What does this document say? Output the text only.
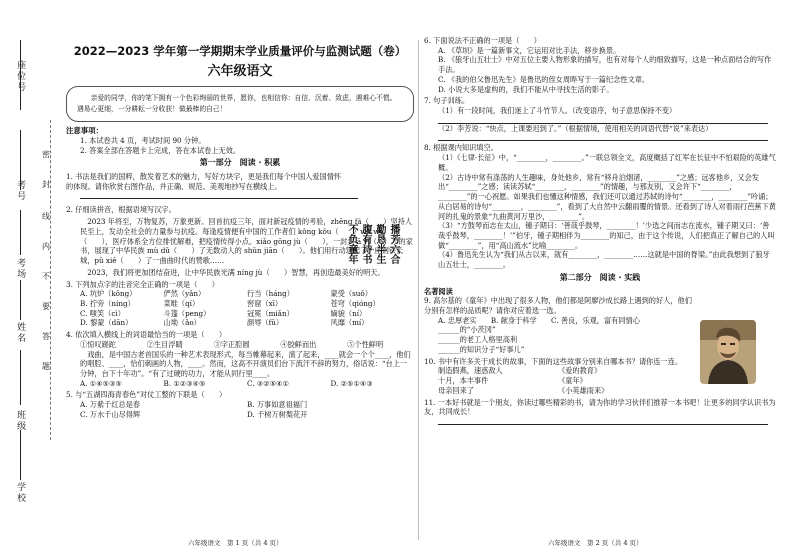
座位号
考号
考场
姓名
班级
学校
密
封
线
内
不
要
答
题
2022—2023 学年第一学期期末学业质量评价与监测试题（卷）
六年级语文
亲爱的同学，你的笔下拥有一个色彩绚丽的世界，愿你，也相信你：自信、沉着、致虑，遇难心不慌。遇易心更细，一分耕耘一分收获！做最棒的自己！
注意事项：
1. 本试卷共 4 页，考试时间 90 分钟。
2. 答案全部在答题卡上完成，答在本试卷上无效。
第一部分　阅读 · 积累
1. 书法是我们的国粹，散发着艺术的魅力，写好方块字，更是我们每个中国人爱国情怀的体现。请你欣赏右图作品，并正确、规范、美观地抄写在横线上。
2. 仔细读拼音，根据语境写汉字。
2023 年将至，万物复苏，万象更新。回首抗疫三年，面对新冠疫情的考验，zhēng fá（　　）坚持人民至上，发动全社会的力量参与抗疫。每逢疫情便有中国的工作者们 kǒng kǒu（　　）wú wǔ（　　），医疗体系全方位排忧解难，把疫情传得小点。xiǎo gōng jù（　　），一封封 ā yí（　　）的家书，展现了中华民族 mù dǔ（　　）了无数动人的 shǔn jiān（　　）。他们用行动筑起了一座钢铁长城，pǔ xiě（　　）了一曲曲时代的赞歌……
2023，我们将更加团结奋进，让中华民族光满 níng jù（　　）智慧，再创造最美好的明天。
3. 下列加点字的注音完全正确的一项是（　　）
A. 坑炉（kōng）	俨然（yǎn）	行当（háng）	蒙受（suǒ）
B. 拧旁（níng）	菜畦（qí）	窖窟（xī）	苍穹（qióng）
C. 嗤笑（cì）	斗篷（peng）	冠冕（miǎn）	嫡貌（ní）
D. 黎蒙（dān）	山坳（ǎo）	颜辱（fǔ）	风靡（mí）
4. 依次填入横线上的词语最恰当的一项是（　　）
①惊叹蹉跎	②生目浮睛	③字正腔圆	④胶鲜而出	⑤个性鲜明
戏曲，是中国古老首国乐的一种艺术表现形式，每当帷幕起来，演了起来，____就会一个个____，他们的唱腔、____，恰们刺画的人物，____。然而，这高不开演员们台下流汗不辞的努力，俗话说：“台上一分钟，台下十年功”。“有了过硬的功力，才能从同行里____。
A. ①④⑤③⑤	B. ①②③④⑤	C. ③②⑤④①	D. ②⑤①④③
5. 与“五湖四海青春色”对仗工整的下联是（　　）
A. 万紫千红总是春	B. 万事如意祖福门
C. 万水千山尽得辉	D. 千树万树梨花开
不负童年 腹有诗书 勤恳半生 播芳六合
6. 下面说法不正确的一项是（　　）
A. 《草坝》是一篇新事文，它运用对比手法，移步换景。
B. 《狼牙山五壮士》中对五位主要人物形象的描写，也有对每个人的细致描写，这是一种点面结合的写作手法。
C. 《我的伯父鲁迅先生》是鲁迅的侄女周晔写于一篇纪念性文章。
D. 小说大多是虚构的，我们不能从中寻找生活的影子。
7. 句子训练。
（1）有一段时间，我们迷上了斗竹节人。（改变语序，句子意思保持不变）
（2）李芳说：“快点，上课要迟到了。”（根据情境，使用相关的词语代替“说”来表达）
8. 根据课内知识填空。
（1）《七律·长征》中，“________，________。”一联总领全文，高度概括了红军在长征中不怕艰险的英雄气概。
（2）古诗中常有涤荡的人生趣味，身处他乡，常有“移舟泊烟渚，________”之感；远客他乡，又会发出“________”之感；读读苏轼“________，________”的情趣，与那友别，又会许下“________，________”的一心祝愿。如果我们也懂这种情感，我们还可以通过苏轼的诗句“________，________”吟诵；从白居易的诗句“________，________”，看到了大自然中云翻雨覆的情景。还看到了诗人对着雨打芭蕉下黄河的扎鬼的景象“九曲黄河万里沙，________”。
（3）“方鼓琴而志在太山，锺子期曰：‘善哉乎鼓琴，________！’少选之间而志在流水，锺子期又曰：‘善哉乎鼓琴，________！’”伯牙，锺子期相伴为________的知己，由于这个传说，人们把真正了解自己的人叫做“________”，用“高山流水”比喻________。
（4）鲁迅先生认为“我们从古以来，就有________，________……这就是中国的脊梁。”由此我想到了狼牙山五壮士，________。
第二部分　阅读 · 实践
名著阅读
9. 高尔基的《童年》中出现了很多人物，他们都是阿廖沙成长路上遇到的好人，他们分别有怎样的品质呢？请你对应着选一选。
A. 忠厚老实　　B. 献身于科学　　C. 善良，乐观，富有同情心
______的“小茨冈”
______的老工人格里高利
______的知识分子“好事儿”
10. 书中有许多关于成长的故事，下面的这些故事分别来自哪本书？请你连一连。
制造假燕，速惑敌人	《爱的教育》
十月，本丰事件	《童年》
母亲回来了	《小英雄雨来》
11. 一本好书就是一个朋友，你读过哪些精彩的书，请为你的学习伙伴们推荐一本书吧！让更多的同学认识书为友，共同成长！
六年级语文　第 1 页（共 4 页）	六年级语文　第 2 页（共 4 页）
